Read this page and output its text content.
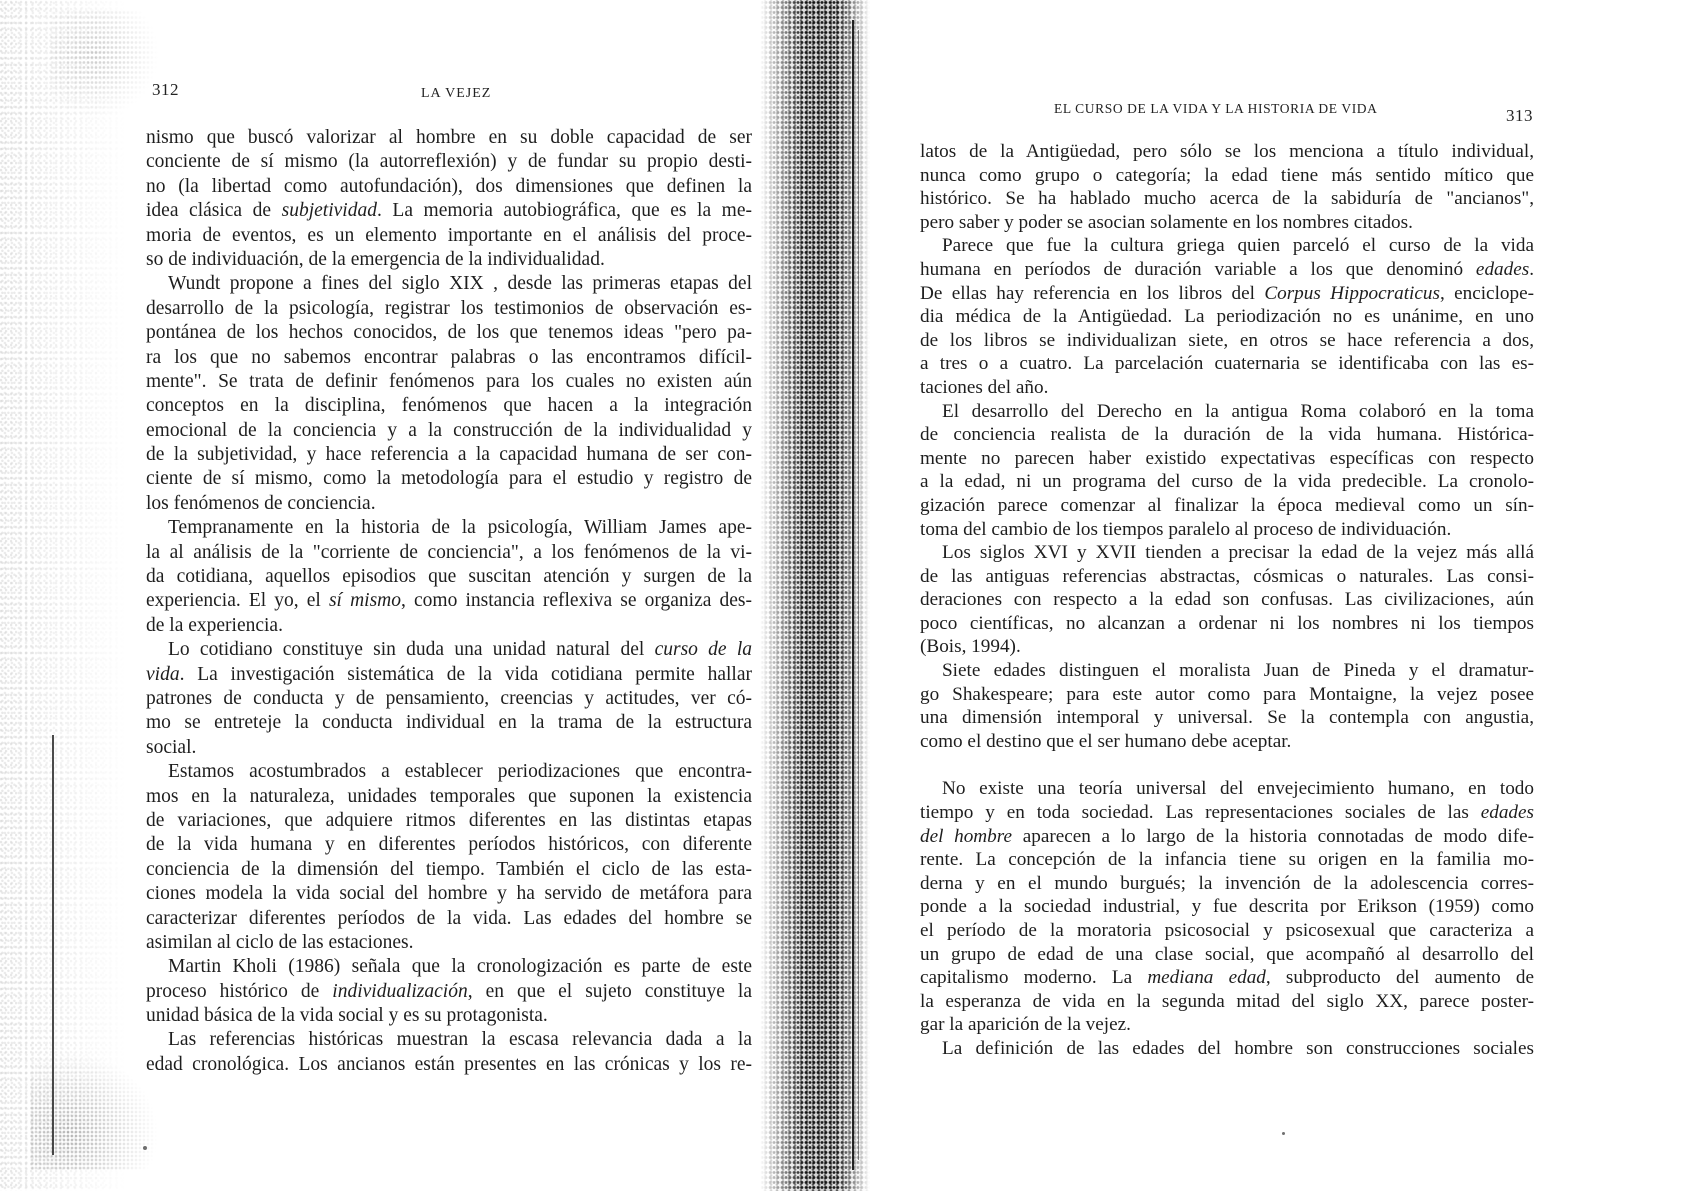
312	LA VEJEZ
nismo que buscó valorizar al hombre en su doble capacidad de ser
conciente de sí mismo (la autorreflexión) y de fundar su propio desti-
no (la libertad como autofundación), dos dimensiones que definen la
idea clásica de subjetividad. La memoria autobiográfica, que es la me-
moria de eventos, es un elemento importante en el análisis del proce-
so de individuación, de la emergencia de la individualidad.
Wundt propone a fines del siglo XIX , desde las primeras etapas del
desarrollo de la psicología, registrar los testimonios de observación es-
pontánea de los hechos conocidos, de los que tenemos ideas "pero pa-
ra los que no sabemos encontrar palabras o las encontramos difícil-
mente". Se trata de definir fenómenos para los cuales no existen aún
conceptos en la disciplina, fenómenos que hacen a la integración
emocional de la conciencia y a la construcción de la individualidad y
de la subjetividad, y hace referencia a la capacidad humana de ser con-
ciente de sí mismo, como la metodología para el estudio y registro de
los fenómenos de conciencia.
Tempranamente en la historia de la psicología, William James ape-
la al análisis de la "corriente de conciencia", a los fenómenos de la vi-
da cotidiana, aquellos episodios que suscitan atención y surgen de la
experiencia. El yo, el sí mismo, como instancia reflexiva se organiza des-
de la experiencia.
Lo cotidiano constituye sin duda una unidad natural del curso de la
vida. La investigación sistemática de la vida cotidiana permite hallar
patrones de conducta y de pensamiento, creencias y actitudes, ver có-
mo se entreteje la conducta individual en la trama de la estructura
social.
Estamos acostumbrados a establecer periodizaciones que encontra-
mos en la naturaleza, unidades temporales que suponen la existencia
de variaciones, que adquiere ritmos diferentes en las distintas etapas
de la vida humana y en diferentes períodos históricos, con diferente
conciencia de la dimensión del tiempo. También el ciclo de las esta-
ciones modela la vida social del hombre y ha servido de metáfora para
caracterizar diferentes períodos de la vida. Las edades del hombre se
asimilan al ciclo de las estaciones.
Martin Kholi (1986) señala que la cronologización es parte de este
proceso histórico de individualización, en que el sujeto constituye la
unidad básica de la vida social y es su protagonista.
Las referencias históricas muestran la escasa relevancia dada a la
edad cronológica. Los ancianos están presentes en las crónicas y los re-
EL CURSO DE LA VIDA Y LA HISTORIA DE VIDA	313
latos de la Antigüedad, pero sólo se los menciona a título individual,
nunca como grupo o categoría; la edad tiene más sentido mítico que
histórico. Se ha hablado mucho acerca de la sabiduría de "ancianos",
pero saber y poder se asocian solamente en los nombres citados.
Parece que fue la cultura griega quien parceló el curso de la vida
humana en períodos de duración variable a los que denominó edades.
De ellas hay referencia en los libros del Corpus Hippocraticus, enciclope-
dia médica de la Antigüedad. La periodización no es unánime, en uno
de los libros se individualizan siete, en otros se hace referencia a dos,
a tres o a cuatro. La parcelación cuaternaria se identificaba con las es-
taciones del año.
El desarrollo del Derecho en la antigua Roma colaboró en la toma
de conciencia realista de la duración de la vida humana. Histórica-
mente no parecen haber existido expectativas específicas con respecto
a la edad, ni un programa del curso de la vida predecible. La cronolo-
gización parece comenzar al finalizar la época medieval como un sín-
toma del cambio de los tiempos paralelo al proceso de individuación.
Los siglos XVI y XVII tienden a precisar la edad de la vejez más allá
de las antiguas referencias abstractas, cósmicas o naturales. Las consi-
deraciones con respecto a la edad son confusas. Las civilizaciones, aún
poco científicas, no alcanzan a ordenar ni los nombres ni los tiempos
(Bois, 1994).
Siete edades distinguen el moralista Juan de Pineda y el dramatur-
go Shakespeare; para este autor como para Montaigne, la vejez posee
una dimensión intemporal y universal. Se la contempla con angustia,
como el destino que el ser humano debe aceptar.
No existe una teoría universal del envejecimiento humano, en todo
tiempo y en toda sociedad. Las representaciones sociales de las edades
del hombre aparecen a lo largo de la historia connotadas de modo dife-
rente. La concepción de la infancia tiene su origen en la familia mo-
derna y en el mundo burgués; la invención de la adolescencia corres-
ponde a la sociedad industrial, y fue descrita por Erikson (1959) como
el período de la moratoria psicosocial y psicosexual que caracteriza a
un grupo de edad de una clase social, que acompañó al desarrollo del
capitalismo moderno. La mediana edad, subproducto del aumento de
la esperanza de vida en la segunda mitad del siglo XX, parece poster-
gar la aparición de la vejez.
La definición de las edades del hombre son construcciones sociales
